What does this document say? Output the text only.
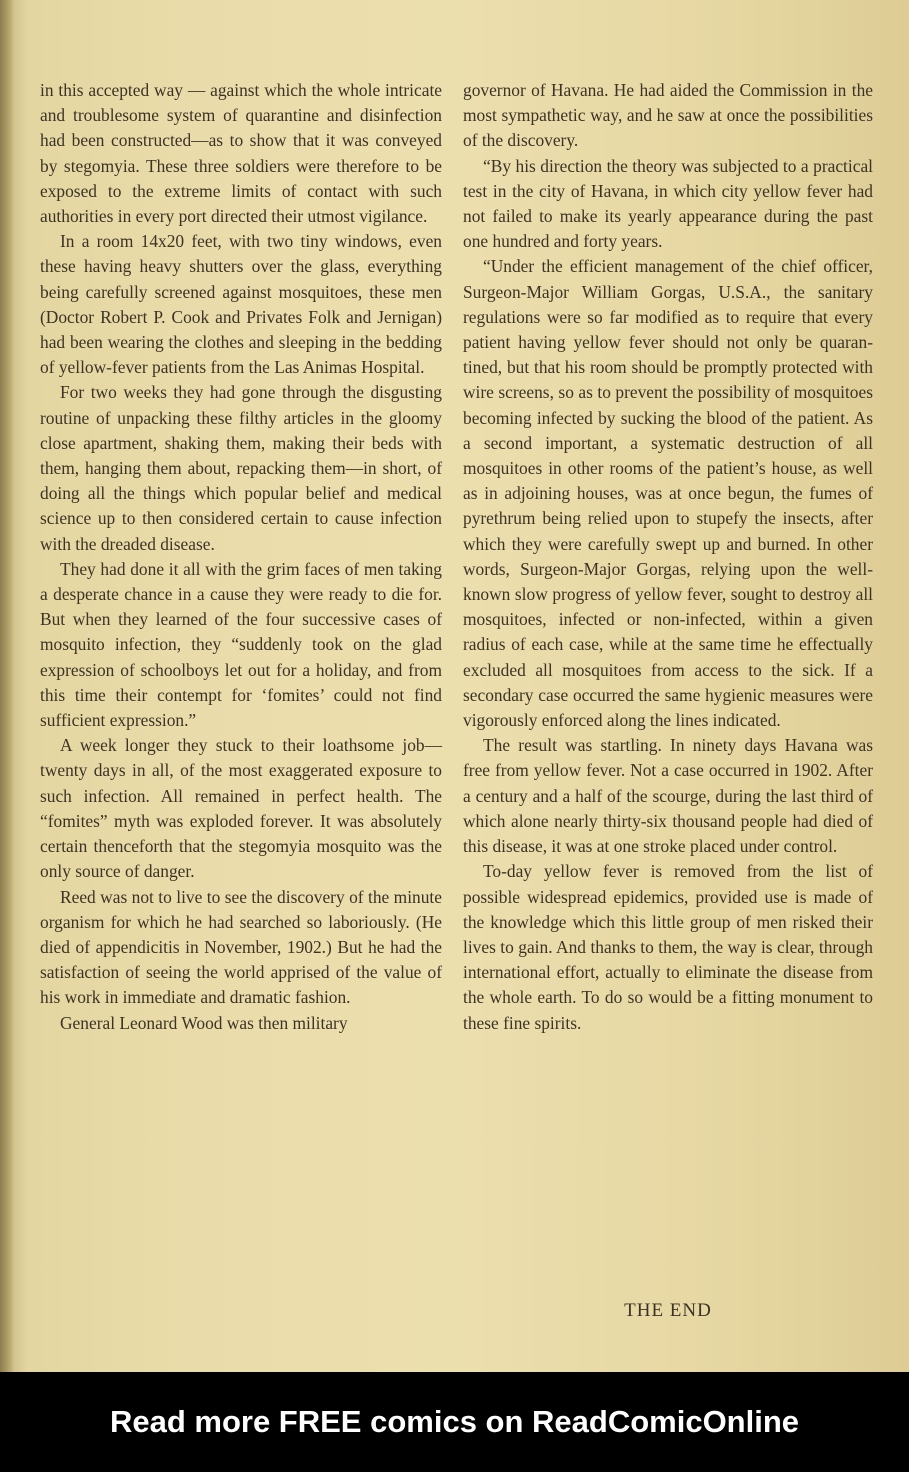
in this accepted way — against which the whole intricate and troublesome system of quarantine and disinfection had been constructed—as to show that it was conveyed by stegomyia. These three soldiers were therefore to be exposed to the extreme limits of contact with such authorities in every port directed their utmost vigilance.

In a room 14x20 feet, with two tiny windows, even these having heavy shutters over the glass, everything being carefully screened against mosquitoes, these men (Doctor Robert P. Cook and Privates Folk and Jernigan) had been wearing the clothes and sleeping in the bedding of yellow-fever patients from the Las Animas Hospital.

For two weeks they had gone through the disgusting routine of unpacking these filthy articles in the gloomy close apartment, shaking them, making their beds with them, hanging them about, repacking them—in short, of doing all the things which popular belief and medical science up to then considered certain to cause infection with the dreaded disease.

They had done it all with the grim faces of men taking a desperate chance in a cause they were ready to die for. But when they learned of the four successive cases of mosquito infection, they “suddenly took on the glad expression of schoolboys let out for a holiday, and from this time their contempt for ‘fomites’ could not find sufficient expression.”

A week longer they stuck to their loathsome job—twenty days in all, of the most exaggerated exposure to such infection. All remained in perfect health. The “fomites” myth was exploded forever. It was absolutely certain thenceforth that the stegomyia mosquito was the only source of danger.

Reed was not to live to see the discovery of the minute organism for which he had searched so laboriously. (He died of appendicitis in November, 1902.) But he had the satisfaction of seeing the world apprised of the value of his work in immediate and dramatic fashion.

General Leonard Wood was then military

governor of Havana. He had aided the Commission in the most sympathetic way, and he saw at once the possibilities of the discovery.

“By his direction the theory was subjected to a practical test in the city of Havana, in which city yellow fever had not failed to make its yearly appearance during the past one hundred and forty years.

“Under the efficient management of the chief officer, Surgeon-Major William Gorgas, U.S.A., the sanitary regulations were so far modified as to require that every patient having yellow fever should not only be quarantined, but that his room should be promptly protected with wire screens, so as to prevent the possibility of mosquitoes becoming infected by sucking the blood of the patient. As a second important, a systematic destruction of all mosquitoes in other rooms of the patient’s house, as well as in adjoining houses, was at once begun, the fumes of pyrethrum being relied upon to stupefy the insects, after which they were carefully swept up and burned. In other words, Surgeon-Major Gorgas, relying upon the well-known slow progress of yellow fever, sought to destroy all mosquitoes, infected or non-infected, within a given radius of each case, while at the same time he effectually excluded all mosquitoes from access to the sick. If a secondary case occurred the same hygienic measures were vigorously enforced along the lines indicated.

The result was startling. In ninety days Havana was free from yellow fever. Not a case occurred in 1902. After a century and a half of the scourge, during the last third of which alone nearly thirty-six thousand people had died of this disease, it was at one stroke placed under control.

To-day yellow fever is removed from the list of possible widespread epidemics, provided use is made of the knowledge which this little group of men risked their lives to gain. And thanks to them, the way is clear, through international effort, actually to eliminate the disease from the whole earth. To do so would be a fitting monument to these fine spirits.

THE END
Read more FREE comics on ReadComicOnline
